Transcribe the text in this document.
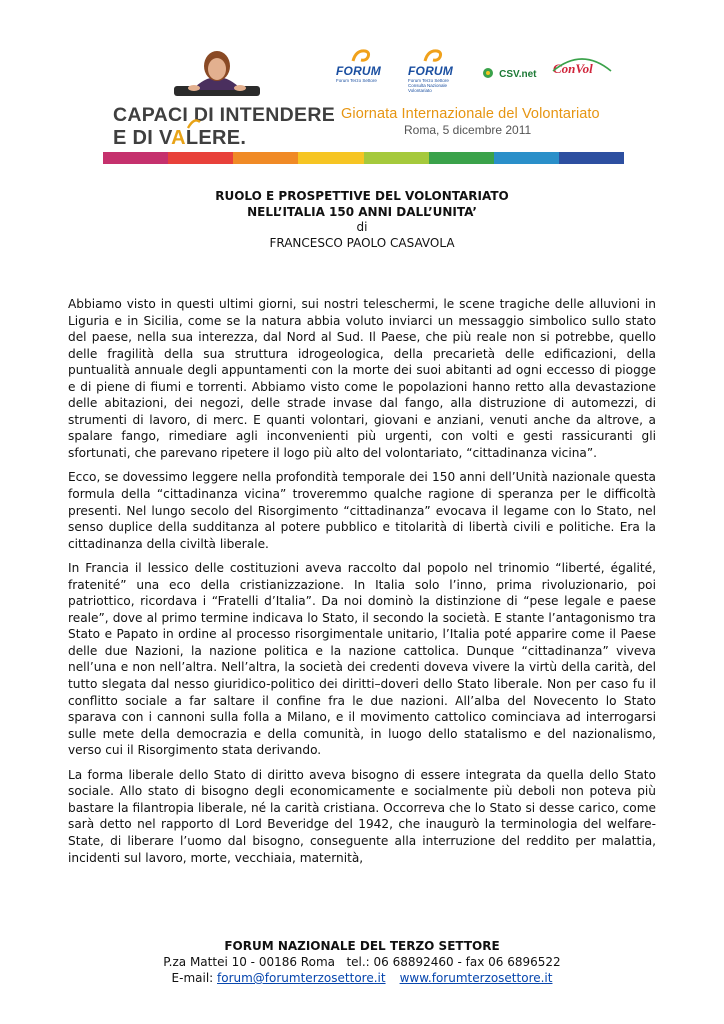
CAPACI DI INTENDERE
E DI VALERE.
FORUM
Forum Terzo Settore
FORUM
Forum Terzo Settore Consulta Nazionale Volontariato
CSV.net ConVol
Giornata Internazionale del Volontariato
Roma, 5 dicembre 2011
RUOLO E PROSPETTIVE DEL VOLONTARIATO
NELL’ITALIA 150 ANNI DALL’UNITA’
di
FRANCESCO PAOLO CASAVOLA

Abbiamo visto in questi ultimi giorni, sui nostri teleschermi, le scene tragiche delle alluvioni in Liguria e in Sicilia, come se la natura abbia voluto inviarci un messaggio simbolico sullo stato del paese, nella sua interezza, dal Nord al Sud. Il Paese, che più reale non si potrebbe, quello delle fragilità della sua struttura idrogeologica, della precarietà delle edificazioni, della puntualità annuale degli appuntamenti con la morte dei suoi abitanti ad ogni eccesso di piogge e di piene di fiumi e torrenti. Abbiamo visto come le popolazioni hanno retto alla devastazione delle abitazioni, dei negozi, delle strade invase dal fango, alla distruzione di automezzi, di strumenti di lavoro, di merc. E quanti volontari, giovani e anziani, venuti anche da altrove, a spalare fango, rimediare agli inconvenienti più urgenti, con volti e gesti rassicuranti gli sfortunati, che parevano ripetere il logo più alto del volontariato, “cittadinanza vicina”.

Ecco, se dovessimo leggere nella profondità temporale dei 150 anni dell’Unità nazionale questa formula della “cittadinanza vicina” troveremmo qualche ragione di speranza per le difficoltà presenti. Nel lungo secolo del Risorgimento “cittadinanza” evocava il legame con lo Stato, nel senso duplice della sudditanza al potere pubblico e titolarità di libertà civili e politiche. Era la cittadinanza della civiltà liberale.

In Francia il lessico delle costituzioni aveva raccolto dal popolo nel trinomio “liberté, égalité, fratenité” una eco della cristianizzazione. In Italia solo l’inno, prima rivoluzionario, poi patriottico, ricordava i “Fratelli d’Italia”. Da noi dominò la distinzione di “pese legale e paese reale”, dove al primo termine indicava lo Stato, il secondo la società. E stante l’antagonismo tra Stato e Papato in ordine al processo risorgimentale unitario, l’Italia poté apparire come il Paese delle due Nazioni, la nazione politica e la nazione cattolica. Dunque “cittadinanza” viveva nell’una e non nell’altra. Nell’altra, la società dei credenti doveva vivere la virtù della carità, del tutto slegata dal nesso giuridico-politico dei diritti–doveri dello Stato liberale. Non per caso fu il conflitto sociale a far saltare il confine fra le due nazioni. All’alba del Novecento lo Stato sparava con i cannoni sulla folla a Milano, e il movimento cattolico cominciava ad interrogarsi sulle mete della democrazia e della comunità, in luogo dello statalismo e del nazionalismo, verso cui il Risorgimento stata derivando.

La forma liberale dello Stato di diritto aveva bisogno di essere integrata da quella dello Stato sociale. Allo stato di bisogno degli economicamente e socialmente più deboli non poteva più bastare la filantropia liberale, né la carità cristiana. Occorreva che lo Stato si desse carico, come sarà detto nel rapporto dl Lord Beveridge del 1942, che inaugurò la terminologia del welfare-State, di liberare l’uomo dal bisogno, conseguente alla interruzione del reddito per malattia, incidenti sul lavoro, morte, vecchiaia, maternità,

FORUM NAZIONALE DEL TERZO SETTORE
P.za Mattei 10 - 00186 Roma   tel.: 06 68892460 - fax 06 6896522
E-mail: forum@forumterzosettore.it www.forumterzosettore.it
